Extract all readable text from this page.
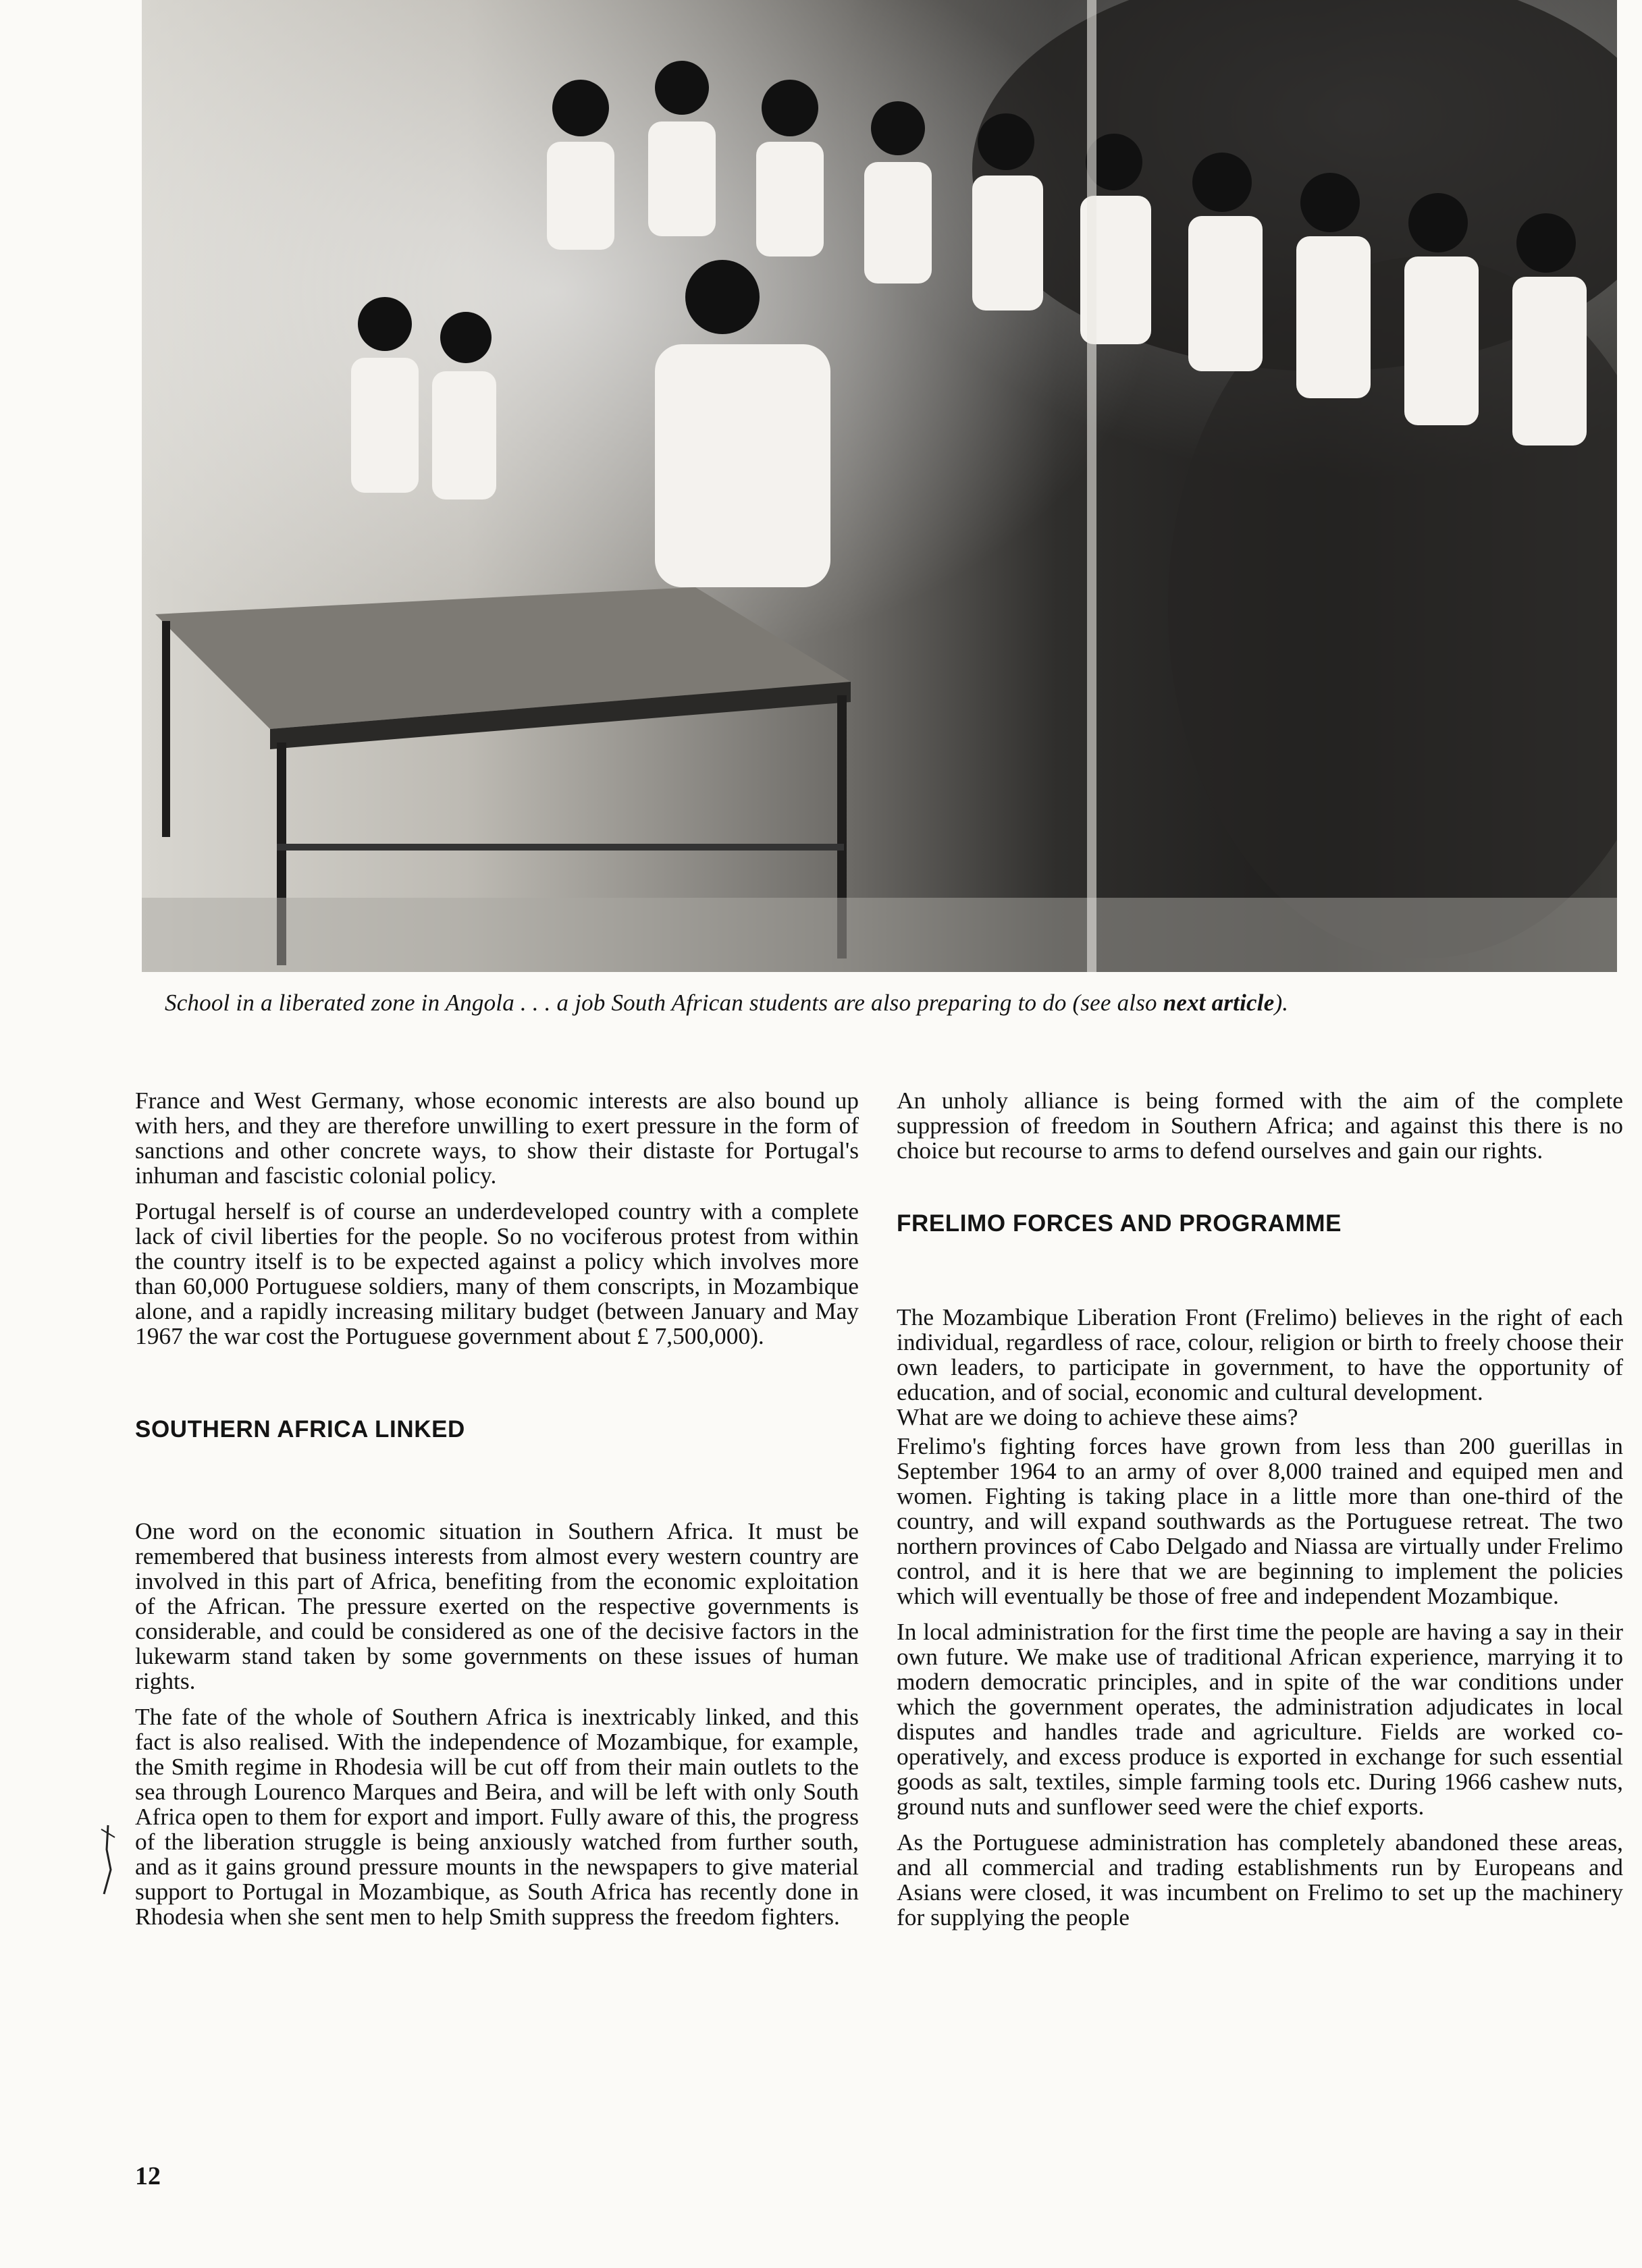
School in a liberated zone in Angola . . . a job South African students are also preparing to do (see also next article).

France and West Germany, whose economic interests are also bound up with hers, and they are therefore unwilling to exert pressure in the form of sanctions and other concrete ways, to show their distaste for Portugal's inhuman and fascistic colonial policy.

Portugal herself is of course an underdeveloped country with a complete lack of civil liberties for the people. So no vociferous protest from within the country itself is to be expected against a policy which involves more than 60,000 Portuguese soldiers, many of them conscripts, in Mozambique alone, and a rapidly increasing military budget (between January and May 1967 the war cost the Portuguese government about £ 7,500,000).

SOUTHERN AFRICA LINKED

One word on the economic situation in Southern Africa. It must be remembered that business interests from almost every western country are involved in this part of Africa, benefiting from the economic exploitation of the African. The pressure exerted on the respective governments is considerable, and could be considered as one of the decisive factors in the lukewarm stand taken by some governments on these issues of human rights.

The fate of the whole of Southern Africa is inextricably linked, and this fact is also realised. With the independence of Mozambique, for example, the Smith regime in Rhodesia will be cut off from their main outlets to the sea through Lourenco Marques and Beira, and will be left with only South Africa open to them for export and import. Fully aware of this, the progress of the liberation struggle is being anxiously watched from further south, and as it gains ground pressure mounts in the newspapers to give material support to Portugal in Mozambique, as South Africa has recently done in Rhodesia when she sent men to help Smith suppress the freedom fighters.

An unholy alliance is being formed with the aim of the complete suppression of freedom in Southern Africa; and against this there is no choice but recourse to arms to defend ourselves and gain our rights.

FRELIMO FORCES AND PROGRAMME

The Mozambique Liberation Front (Frelimo) believes in the right of each individual, regardless of race, colour, religion or birth to freely choose their own leaders, to participate in government, to have the opportunity of education, and of social, economic and cultural development.

What are we doing to achieve these aims?

Frelimo's fighting forces have grown from less than 200 guerillas in September 1964 to an army of over 8,000 trained and equiped men and women. Fighting is taking place in a little more than one-third of the country, and will expand southwards as the Portuguese retreat. The two northern provinces of Cabo Delgado and Niassa are virtually under Frelimo control, and it is here that we are beginning to implement the policies which will eventually be those of free and independent Mozambique.

In local administration for the first time the people are having a say in their own future. We make use of traditional African experience, marrying it to modern democratic principles, and in spite of the war conditions under which the government operates, the administration adjudicates in local disputes and handles trade and agriculture. Fields are worked co-operatively, and excess produce is exported in exchange for such essential goods as salt, textiles, simple farming tools etc. During 1966 cashew nuts, ground nuts and sunflower seed were the chief exports.

As the Portuguese administration has completely abandoned these areas, and all commercial and trading establishments run by Europeans and Asians were closed, it was incumbent on Frelimo to set up the machinery for supplying the people

12
